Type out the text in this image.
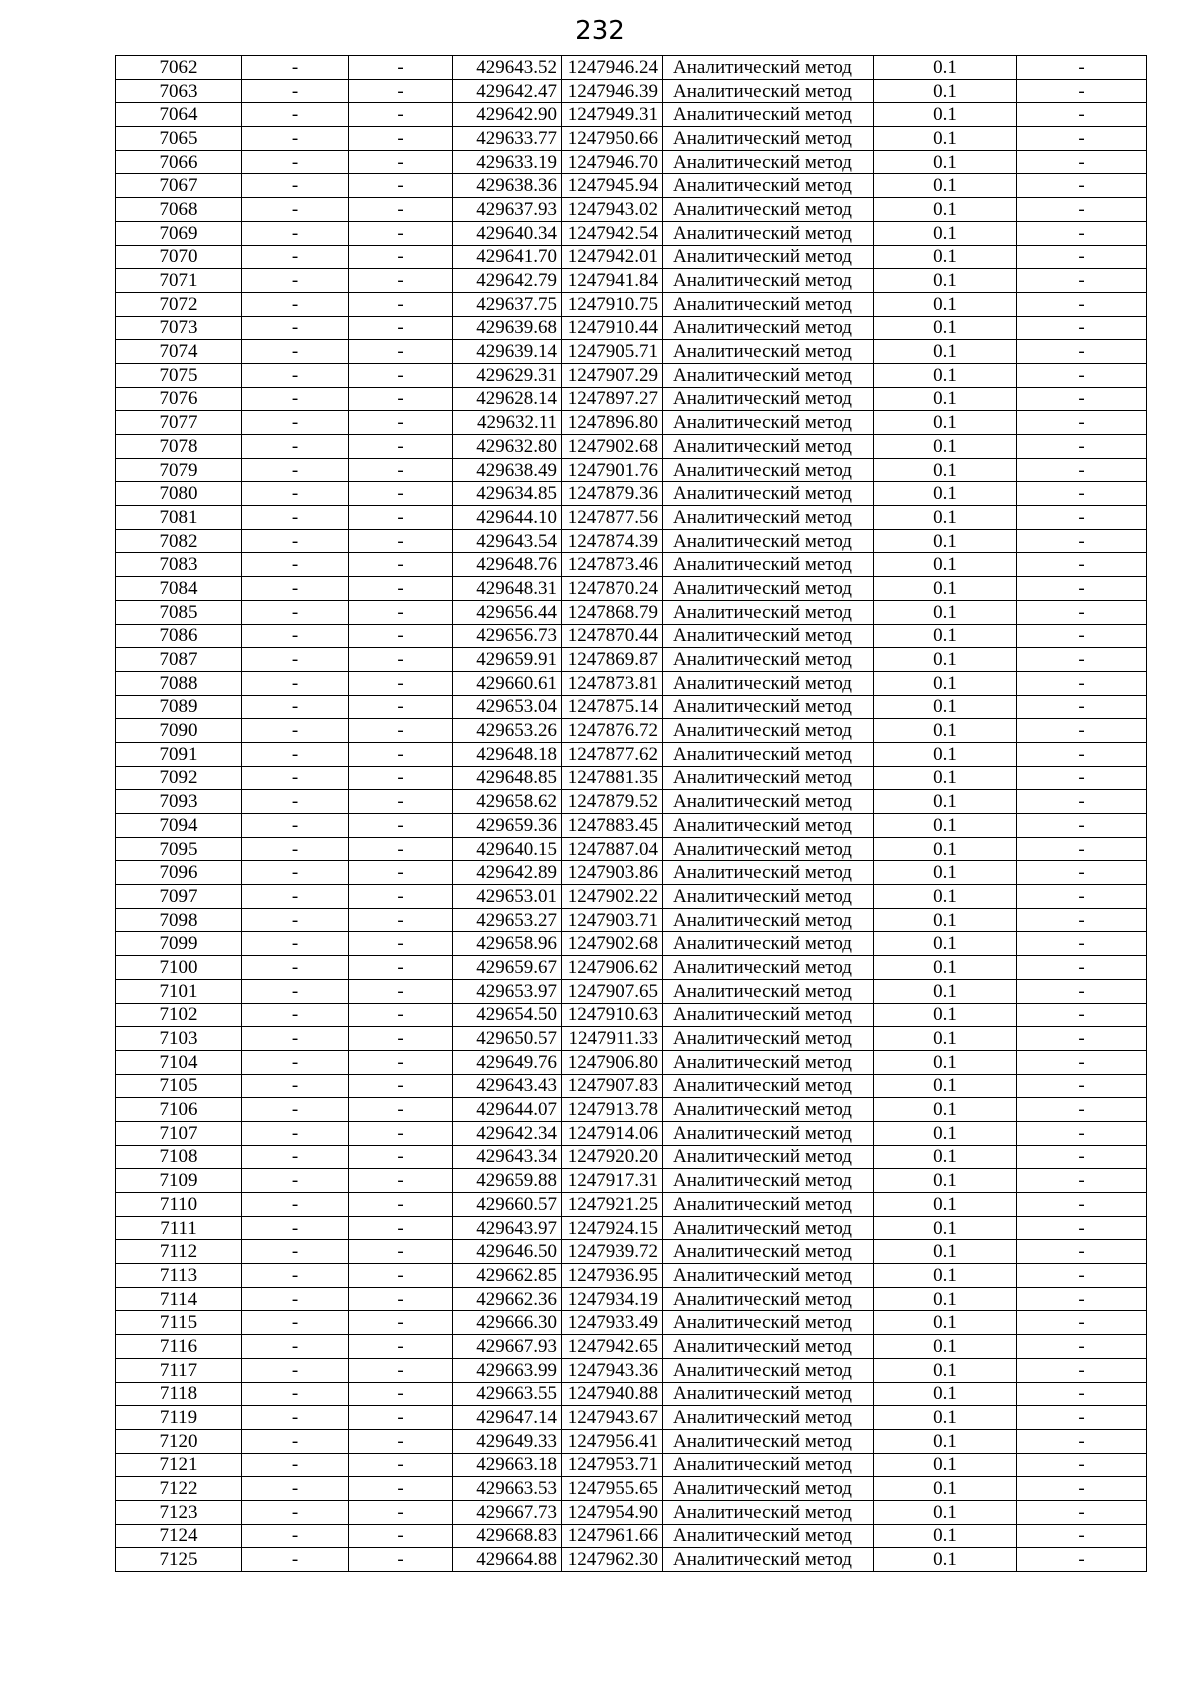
232
7062	-	-	429643.52	1247946.24	Аналитический метод	0.1	-
7063	-	-	429642.47	1247946.39	Аналитический метод	0.1	-
7064	-	-	429642.90	1247949.31	Аналитический метод	0.1	-
7065	-	-	429633.77	1247950.66	Аналитический метод	0.1	-
7066	-	-	429633.19	1247946.70	Аналитический метод	0.1	-
7067	-	-	429638.36	1247945.94	Аналитический метод	0.1	-
7068	-	-	429637.93	1247943.02	Аналитический метод	0.1	-
7069	-	-	429640.34	1247942.54	Аналитический метод	0.1	-
7070	-	-	429641.70	1247942.01	Аналитический метод	0.1	-
7071	-	-	429642.79	1247941.84	Аналитический метод	0.1	-
7072	-	-	429637.75	1247910.75	Аналитический метод	0.1	-
7073	-	-	429639.68	1247910.44	Аналитический метод	0.1	-
7074	-	-	429639.14	1247905.71	Аналитический метод	0.1	-
7075	-	-	429629.31	1247907.29	Аналитический метод	0.1	-
7076	-	-	429628.14	1247897.27	Аналитический метод	0.1	-
7077	-	-	429632.11	1247896.80	Аналитический метод	0.1	-
7078	-	-	429632.80	1247902.68	Аналитический метод	0.1	-
7079	-	-	429638.49	1247901.76	Аналитический метод	0.1	-
7080	-	-	429634.85	1247879.36	Аналитический метод	0.1	-
7081	-	-	429644.10	1247877.56	Аналитический метод	0.1	-
7082	-	-	429643.54	1247874.39	Аналитический метод	0.1	-
7083	-	-	429648.76	1247873.46	Аналитический метод	0.1	-
7084	-	-	429648.31	1247870.24	Аналитический метод	0.1	-
7085	-	-	429656.44	1247868.79	Аналитический метод	0.1	-
7086	-	-	429656.73	1247870.44	Аналитический метод	0.1	-
7087	-	-	429659.91	1247869.87	Аналитический метод	0.1	-
7088	-	-	429660.61	1247873.81	Аналитический метод	0.1	-
7089	-	-	429653.04	1247875.14	Аналитический метод	0.1	-
7090	-	-	429653.26	1247876.72	Аналитический метод	0.1	-
7091	-	-	429648.18	1247877.62	Аналитический метод	0.1	-
7092	-	-	429648.85	1247881.35	Аналитический метод	0.1	-
7093	-	-	429658.62	1247879.52	Аналитический метод	0.1	-
7094	-	-	429659.36	1247883.45	Аналитический метод	0.1	-
7095	-	-	429640.15	1247887.04	Аналитический метод	0.1	-
7096	-	-	429642.89	1247903.86	Аналитический метод	0.1	-
7097	-	-	429653.01	1247902.22	Аналитический метод	0.1	-
7098	-	-	429653.27	1247903.71	Аналитический метод	0.1	-
7099	-	-	429658.96	1247902.68	Аналитический метод	0.1	-
7100	-	-	429659.67	1247906.62	Аналитический метод	0.1	-
7101	-	-	429653.97	1247907.65	Аналитический метод	0.1	-
7102	-	-	429654.50	1247910.63	Аналитический метод	0.1	-
7103	-	-	429650.57	1247911.33	Аналитический метод	0.1	-
7104	-	-	429649.76	1247906.80	Аналитический метод	0.1	-
7105	-	-	429643.43	1247907.83	Аналитический метод	0.1	-
7106	-	-	429644.07	1247913.78	Аналитический метод	0.1	-
7107	-	-	429642.34	1247914.06	Аналитический метод	0.1	-
7108	-	-	429643.34	1247920.20	Аналитический метод	0.1	-
7109	-	-	429659.88	1247917.31	Аналитический метод	0.1	-
7110	-	-	429660.57	1247921.25	Аналитический метод	0.1	-
7111	-	-	429643.97	1247924.15	Аналитический метод	0.1	-
7112	-	-	429646.50	1247939.72	Аналитический метод	0.1	-
7113	-	-	429662.85	1247936.95	Аналитический метод	0.1	-
7114	-	-	429662.36	1247934.19	Аналитический метод	0.1	-
7115	-	-	429666.30	1247933.49	Аналитический метод	0.1	-
7116	-	-	429667.93	1247942.65	Аналитический метод	0.1	-
7117	-	-	429663.99	1247943.36	Аналитический метод	0.1	-
7118	-	-	429663.55	1247940.88	Аналитический метод	0.1	-
7119	-	-	429647.14	1247943.67	Аналитический метод	0.1	-
7120	-	-	429649.33	1247956.41	Аналитический метод	0.1	-
7121	-	-	429663.18	1247953.71	Аналитический метод	0.1	-
7122	-	-	429663.53	1247955.65	Аналитический метод	0.1	-
7123	-	-	429667.73	1247954.90	Аналитический метод	0.1	-
7124	-	-	429668.83	1247961.66	Аналитический метод	0.1	-
7125	-	-	429664.88	1247962.30	Аналитический метод	0.1	-
